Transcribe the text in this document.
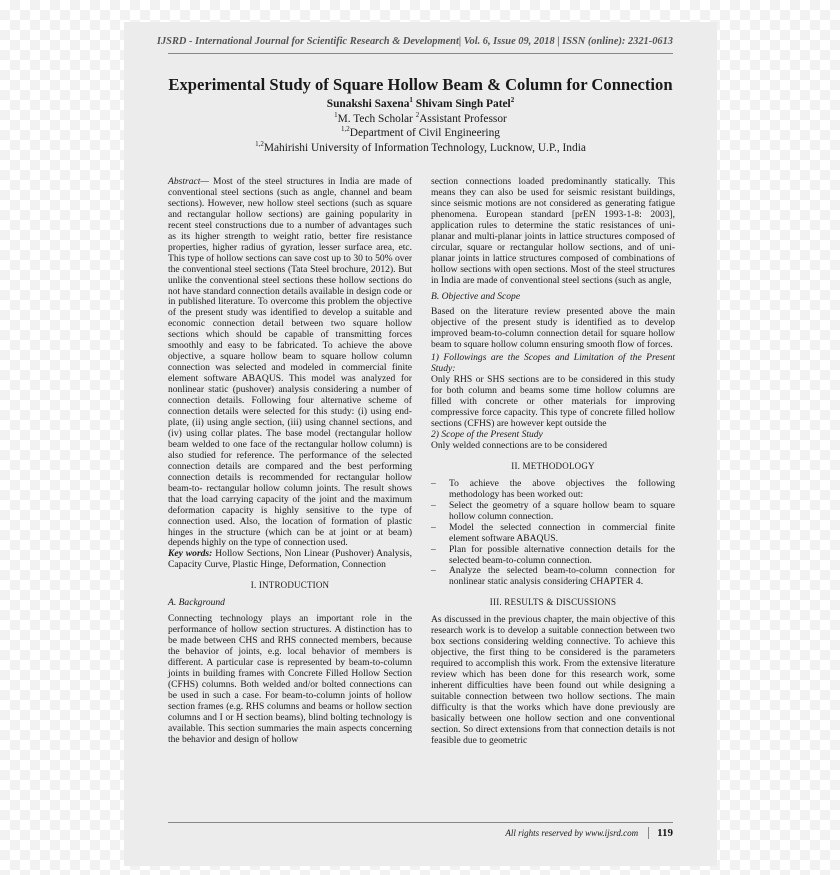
IJSRD - International Journal for Scientific Research & Development| Vol. 6, Issue 09, 2018 | ISSN (online): 2321-0613
Experimental Study of Square Hollow Beam & Column for Connection
Sunakshi Saxena$^1$ Shivam Singh Patel$^2$
$^1$M. Tech Scholar $^2$Assistant Professor
$^{1,2}$Department of Civil Engineering
$^{1,2}$Mahirishi University of Information Technology, Lucknow, U.P., India

Abstract— Most of the steel structures in India are made of conventional steel sections (such as angle, channel and beam sections). However, new hollow steel sections (such as square and rectangular hollow sections) are gaining popularity in recent steel constructions due to a number of advantages such as its higher strength to weight ratio, better fire resistance properties, higher radius of gyration, lesser surface area, etc. This type of hollow sections can save cost up to 30 to 50% over the conventional steel sections (Tata Steel brochure, 2012). But unlike the conventional steel sections these hollow sections do not have standard connection details available in design code or in published literature. To overcome this problem the objective of the present study was identified to develop a suitable and economic connection detail between two square hollow sections which should be capable of transmitting forces smoothly and easy to be fabricated. To achieve the above objective, a square hollow beam to square hollow column connection was selected and modeled in commercial finite element software ABAQUS. This model was analyzed for nonlinear static (pushover) analysis considering a number of connection details. Following four alternative scheme of connection details were selected for this study: (i) using end-plate, (ii) using angle section, (iii) using channel sections, and (iv) using collar plates. The base model (rectangular hollow beam welded to one face of the rectangular hollow column) is also studied for reference. The performance of the selected connection details are compared and the best performing connection details is recommended for rectangular hollow beam-to- rectangular hollow column joints. The result shows that the load carrying capacity of the joint and the maximum deformation capacity is highly sensitive to the type of connection used. Also, the location of formation of plastic hinges in the structure (which can be at joint or at beam) depends highly on the type of connection used.

Key words: Hollow Sections, Non Linear (Pushover) Analysis, Capacity Curve, Plastic Hinge, Deformation, Connection

I. INTRODUCTION
A. Background

Connecting technology plays an important role in the performance of hollow section structures. A distinction has to be made between CHS and RHS connected members, because the behavior of joints, e.g. local behavior of members is different. A particular case is represented by beam-to-column joints in building frames with Concrete Filled Hollow Section (CFHS) columns. Both welded and/or bolted connections can be used in such a case. For beam-to-column joints of hollow section frames (e.g. RHS columns and beams or hollow section columns and I or H section beams), blind bolting technology is available. This section summaries the main aspects concerning the behavior and design of hollow

section connections loaded predominantly statically. This means they can also be used for seismic resistant buildings, since seismic motions are not considered as generating fatigue phenomena. European standard [prEN 1993-1-8: 2003], application rules to determine the static resistances of uni-planar and multi-planar joints in lattice structures composed of circular, square or rectangular hollow sections, and of uni-planar joints in lattice structures composed of combinations of hollow sections with open sections. Most of the steel structures in India are made of conventional steel sections (such as angle,

B. Objective and Scope

Based on the literature review presented above the main objective of the present study is identified as to develop improved beam-to-column connection detail for square hollow beam to square hollow column ensuring smooth flow of forces.

1) Followings are the Scopes and Limitation of the Present Study:

Only RHS or SHS sections are to be considered in this study for both column and beams some time hollow columns are filled with concrete or other materials for improving compressive force capacity. This type of concrete filled hollow sections (CFHS) are however kept outside the

2) Scope of the Present Study

Only welded connections are to be considered

II. METHODOLOGY
– To achieve the above objectives the following methodology has been worked out:
– Select the geometry of a square hollow beam to square hollow column connection.
– Model the selected connection in commercial finite element software ABAQUS.
– Plan for possible alternative connection details for the selected beam-to-column connection.
– Analyze the selected beam-to-column connection for nonlinear static analysis considering CHAPTER 4.
III. RESULTS & DISCUSSIONS

As discussed in the previous chapter, the main objective of this research work is to develop a suitable connection between two box sections considering welding connective. To achieve this objective, the first thing to be considered is the parameters required to accomplish this work. From the extensive literature review which has been done for this research work, some inherent difficulties have been found out while designing a suitable connection between two hollow sections. The main difficulty is that the works which have done previously are basically between one hollow section and one conventional section. So direct extensions from that connection details is not feasible due to geometric

All rights reserved by www.ijsrd.com 119
